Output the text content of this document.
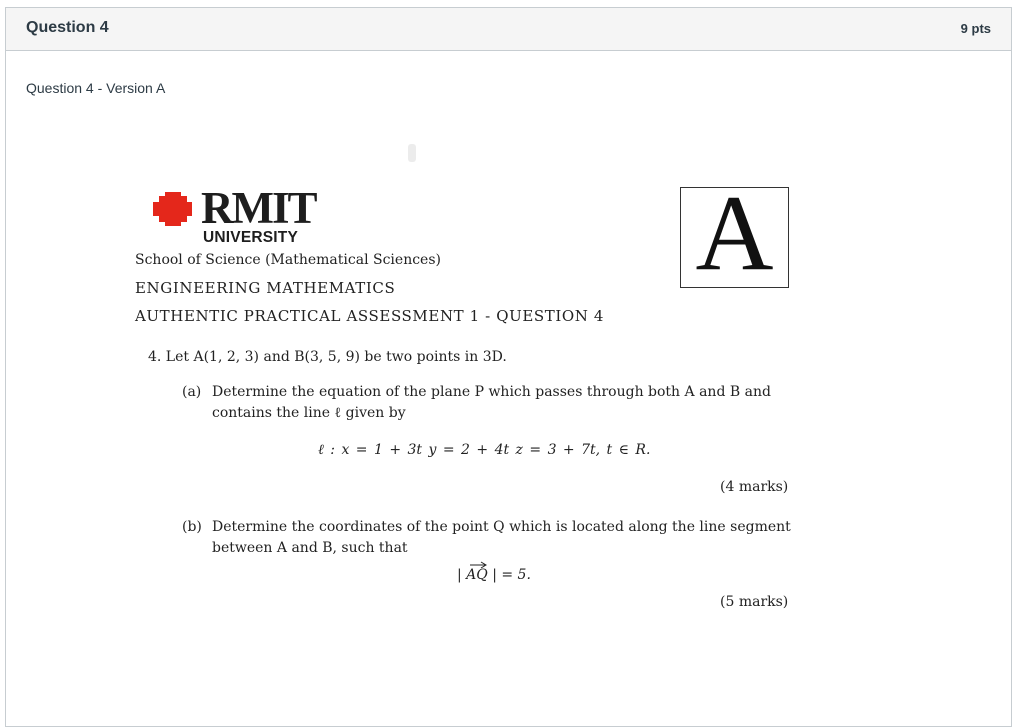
Question 4	9 pts
Question 4 - Version A
RMIT
UNIVERSITY	A
School of Science (Mathematical Sciences)
ENGINEERING MATHEMATICS
AUTHENTIC PRACTICAL ASSESSMENT 1 - QUESTION 4
4. Let A(1, 2, 3) and B(3, 5, 9) be two points in 3D.
(a) Determine the equation of the plane P which passes through both A and B and
contains the line ℓ given by
ℓ : x = 1 + 3t y = 2 + 4t z = 3 + 7t, t ∈ R.
(4 marks)
(b) Determine the coordinates of the point Q which is located along the line segment
between A and B, such that
| AQ | = 5.
(5 marks)
